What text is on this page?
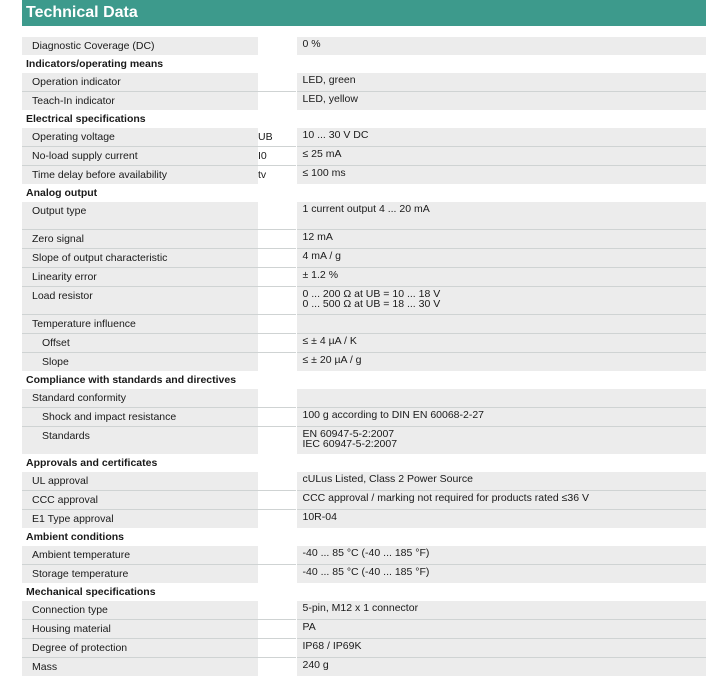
Technical Data
Diagnostic Coverage (DC)		0 %

Indicators/operating means		
Operation indicator		LED, green

Teach-In indicator		LED, yellow

Electrical specifications		
Operating voltage	UB	10 ... 30 V DC

No-load supply current	I0	≤ 25 mA

Time delay before availability	tv	≤ 100 ms

Analog output		
Output type		1 current output 4 ... 20 mA

Zero signal		12 mA

Slope of output characteristic		4 mA / g

Linearity error		± 1.2 %

Load resistor		0 ... 200 Ω at UB = 10 ... 18 V
0 ... 500 Ω at UB = 18 ... 30 V

Temperature influence		

Offset		≤ ± 4 µA / K

Slope		≤ ± 20 µA / g

Compliance with standards and directives		
Standard conformity		

Shock and impact resistance		100 g according to DIN EN 60068-2-27

Standards		EN 60947-5-2:2007
IEC 60947-5-2:2007

Approvals and certificates		
UL approval		cULus Listed, Class 2 Power Source

CCC approval		CCC approval / marking not required for products rated ≤36 V

E1 Type approval		10R-04

Ambient conditions		
Ambient temperature		-40 ... 85 °C (-40 ... 185 °F)

Storage temperature		-40 ... 85 °C (-40 ... 185 °F)

Mechanical specifications		
Connection type		5-pin, M12 x 1 connector

Housing material		PA

Degree of protection		IP68 / IP69K

Mass		240 g
